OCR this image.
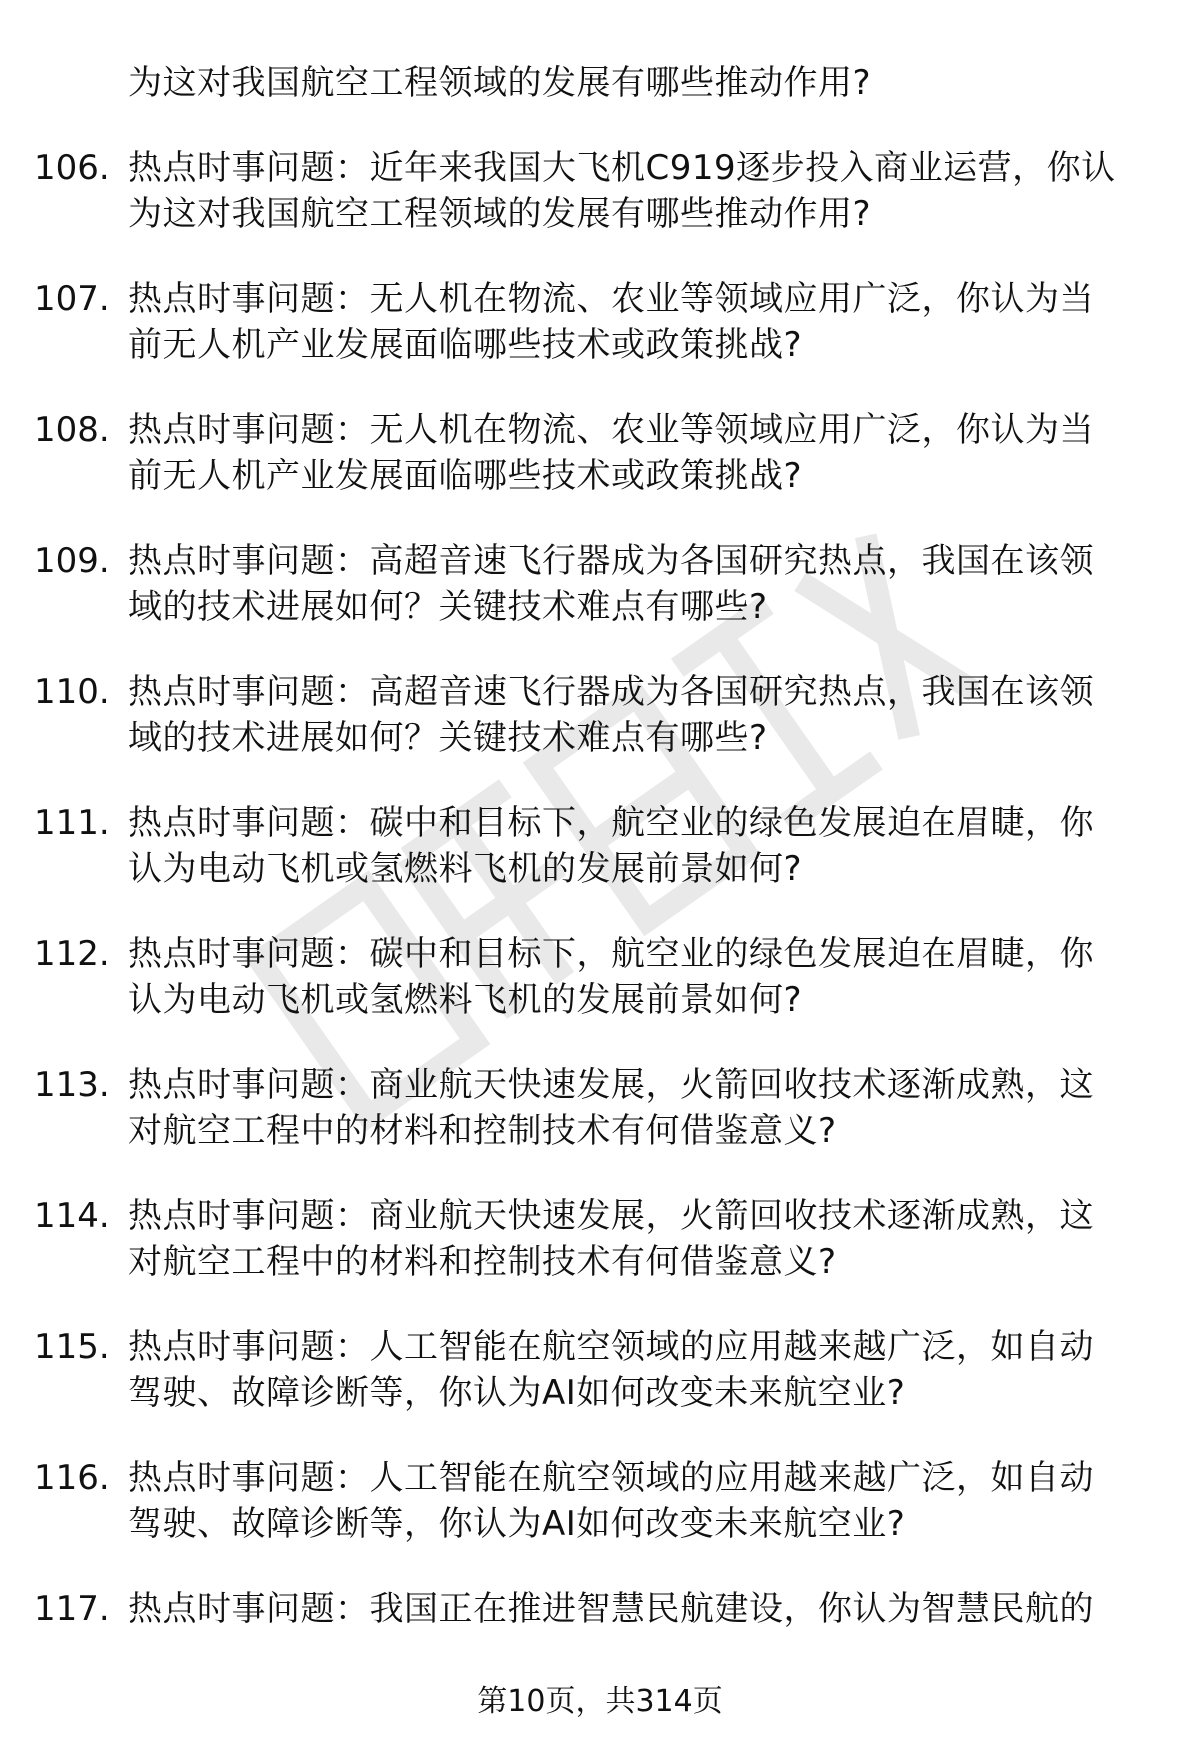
为这对我国航空工程领域的发展有哪些推动作用?
106. 热点时事问题：近年来我国大飞机C919逐步投入商业运营，你认
为这对我国航空工程领域的发展有哪些推动作用?
107. 热点时事问题：无人机在物流、农业等领域应用广泛，你认为当
前无人机产业发展面临哪些技术或政策挑战?
108. 热点时事问题：无人机在物流、农业等领域应用广泛，你认为当
前无人机产业发展面临哪些技术或政策挑战?
109. 热点时事问题：高超音速飞行器成为各国研究热点，我国在该领
域的技术进展如何？关键技术难点有哪些?
110. 热点时事问题：高超音速飞行器成为各国研究热点，我国在该领
域的技术进展如何？关键技术难点有哪些?
111. 热点时事问题：碳中和目标下，航空业的绿色发展迫在眉睫，你
认为电动飞机或氢燃料飞机的发展前景如何?
112. 热点时事问题：碳中和目标下，航空业的绿色发展迫在眉睫，你
认为电动飞机或氢燃料飞机的发展前景如何?
113. 热点时事问题：商业航天快速发展，火箭回收技术逐渐成熟，这
对航空工程中的材料和控制技术有何借鉴意义?
114. 热点时事问题：商业航天快速发展，火箭回收技术逐渐成熟，这
对航空工程中的材料和控制技术有何借鉴意义?
115. 热点时事问题：人工智能在航空领域的应用越来越广泛，如自动
驾驶、故障诊断等，你认为AI如何改变未来航空业?
116. 热点时事问题：人工智能在航空领域的应用越来越广泛，如自动
驾驶、故障诊断等，你认为AI如何改变未来航空业?
117. 热点时事问题：我国正在推进智慧民航建设，你认为智慧民航的
第10页，共314页
